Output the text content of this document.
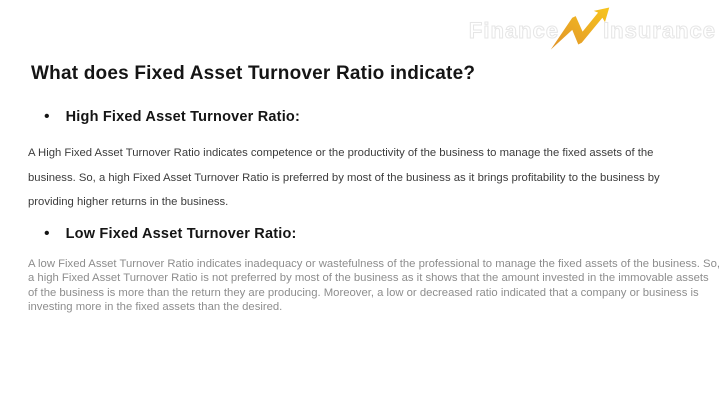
Finance Insurance
What does Fixed Asset Turnover Ratio indicate?
• High Fixed Asset Turnover Ratio:

A High Fixed Asset Turnover Ratio indicates competence or the productivity of the business to manage the fixed assets of the business. So, a high Fixed Asset Turnover Ratio is preferred by most of the business as it brings profitability to the business by providing higher returns in the business.

• Low Fixed Asset Turnover Ratio:

A low Fixed Asset Turnover Ratio indicates inadequacy or wastefulness of the professional to manage the fixed assets of the business. So, a high Fixed Asset Turnover Ratio is not preferred by most of the business as it shows that the amount invested in the immovable assets of the business is more than the return they are producing. Moreover, a low or decreased ratio indicated that a company or business is investing more in the fixed assets than the desired.
